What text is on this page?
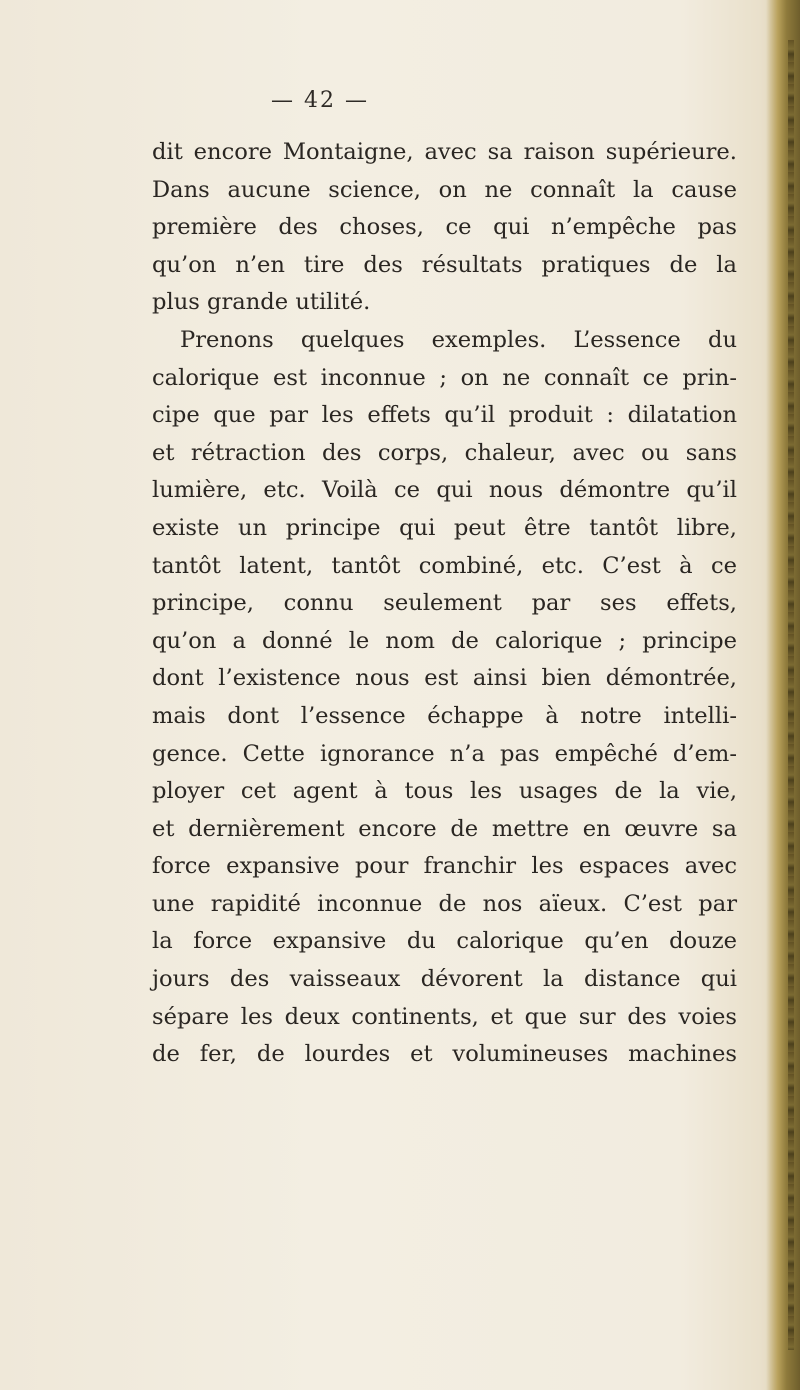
— 42 —
dit encore Montaigne, avec sa raison supérieure.
Dans aucune science, on ne connaît la cause
première des choses, ce qui n’empêche pas
qu’on n’en tire des résultats pratiques de la
plus grande utilité.
Prenons quelques exemples. L’essence du
calorique est inconnue ; on ne connaît ce prin-
cipe que par les effets qu’il produit : dilatation
et rétraction des corps, chaleur, avec ou sans
lumière, etc. Voilà ce qui nous démontre qu’il
existe un principe qui peut être tantôt libre,
tantôt latent, tantôt combiné, etc. C’est à ce
principe, connu seulement par ses effets,
qu’on a donné le nom de calorique ; principe
dont l’existence nous est ainsi bien démontrée,
mais dont l’essence échappe à notre intelli-
gence. Cette ignorance n’a pas empêché d’em-
ployer cet agent à tous les usages de la vie,
et dernièrement encore de mettre en œuvre sa
force expansive pour franchir les espaces avec
une rapidité inconnue de nos aïeux. C’est par
la force expansive du calorique qu’en douze
jours des vaisseaux dévorent la distance qui
sépare les deux continents, et que sur des voies
de fer, de lourdes et volumineuses machines
